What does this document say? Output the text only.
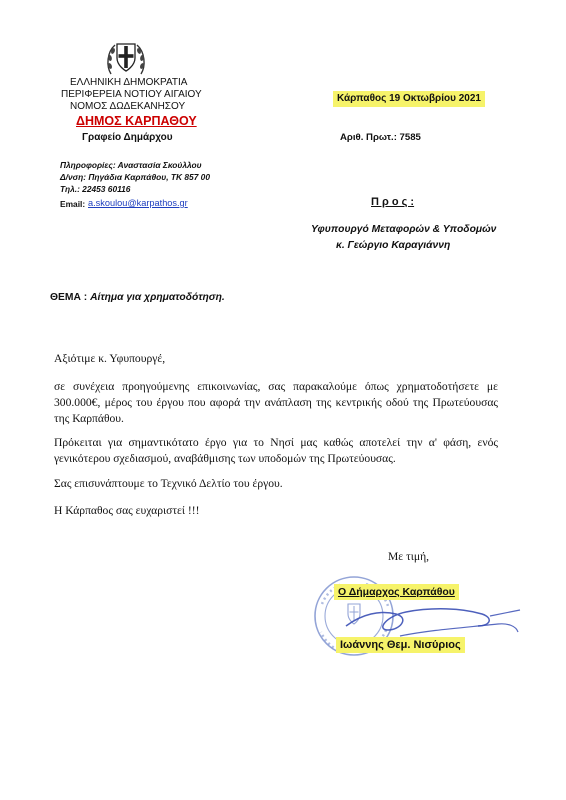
ΕΛΛΗΝΙΚΗ ΔΗΜΟΚΡΑΤΙΑ
ΠΕΡΙΦΕΡΕΙΑ ΝΟΤΙΟΥ ΑΙΓΑΙΟΥ
ΝΟΜΟΣ ΔΩΔΕΚΑΝΗΣΟΥ
ΔΗΜΟΣ ΚΑΡΠΑΘΟΥ
Γραφείο Δημάρχου
Πληροφορίες: Αναστασία Σκούλλου
Δ/νση: Πηγάδια Καρπάθου, ΤΚ 857 00
Τηλ.: 22453 60116
Email: a.skoulou@karpathos.gr
Κάρπαθος 19 Οκτωβρίου 2021
Αριθ. Πρωτ.: 7585
Π ρ ο ς :
Υφυπουργό Μεταφορών & Υποδομών
κ. Γεώργιο Καραγιάννη
ΘΕΜΑ : Αίτημα για χρηματοδότηση.
Αξιότιμε κ. Υφυπουργέ,
σε συνέχεια προηγούμενης επικοινωνίας, σας παρακαλούμε όπως χρηματοδοτήσετε με 300.000€, μέρος του έργου που αφορά την ανάπλαση της κεντρικής οδού της Πρωτεύουσας της Καρπάθου.
Πρόκειται για σημαντικότατο έργο για το Νησί μας καθώς αποτελεί την α' φάση, ενός γενικότερου σχεδιασμού, αναβάθμισης των υποδομών της Πρωτεύουσας.
Σας επισυνάπτουμε το Τεχνικό Δελτίο του έργου.
Η Κάρπαθος σας ευχαριστεί !!!
Με τιμή,
Ο Δήμαρχος Καρπάθου
Ιωάννης Θεμ. Νισύριος
